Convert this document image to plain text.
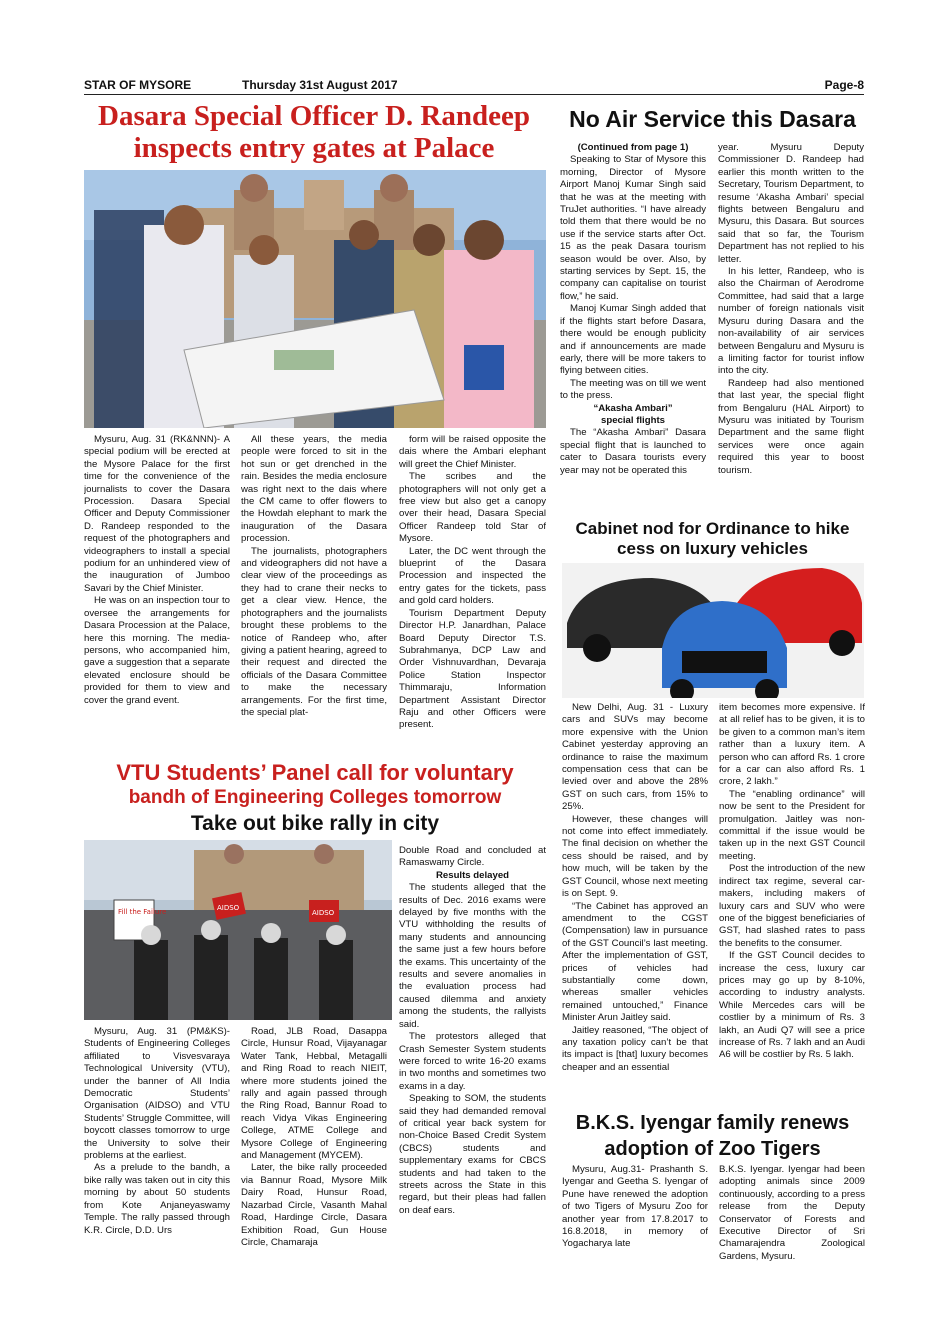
STAR OF MYSORE	Thursday 31st August 2017	Page-8
Dasara Special Officer D. Randeep
inspects entry gates at Palace

Mysuru, Aug. 31 (RK&NNN)- A special podium will be erected at the Mysore Palace for the first time for the convenience of the journalists to cover the Dasara Procession. Dasara Special Officer and Deputy Commissioner D. Randeep responded to the request of the photographers and videographers to install a special podium for an unhindered view of the inauguration of Jumboo Savari by the Chief Minister.

He was on an inspection tour to oversee the arrangements for Dasara Procession at the Palace, here this morning. The media-persons, who accompanied him, gave a suggestion that a separate elevated enclosure should be provided for them to view and cover the grand event.

All these years, the media people were forced to sit in the hot sun or get drenched in the rain. Besides the media enclosure was right next to the dais where the CM came to offer flowers to the Howdah elephant to mark the inauguration of the Dasara procession.

The journalists, photographers and videographers did not have a clear view of the proceedings as they had to crane their necks to get a clear view. Hence, the photographers and the journalists brought these problems to the notice of Randeep who, after giving a patient hearing, agreed to their request and directed the officials of the Dasara Committee to make the necessary arrangements. For the first time, the special plat-

form will be raised opposite the dais where the Ambari elephant will greet the Chief Minister.

The scribes and the photographers will not only get a free view but also get a canopy over their head, Dasara Special Officer Randeep told Star of Mysore.

Later, the DC went through the blueprint of the Dasara Procession and inspected the entry gates for the tickets, pass and gold card holders.

Tourism Department Deputy Director H.P. Janardhan, Palace Board Deputy Director T.S. Subrahmanya, DCP Law and Order Vishnuvardhan, Devaraja Police Station Inspector Thimmaraju, Information Department Assistant Director Raju and other Officers were present.

VTU Students’ Panel call for voluntary
bandh of Engineering Colleges tomorrow
Take out bike rally in city
Fill the Failure	AIDSO
AIDSO

Mysuru, Aug. 31 (PM&KS)- Students of Engineering Colleges affiliated to Visvesvaraya Technological University (VTU), under the banner of All India Democratic Students’ Organisation (AIDSO) and VTU Students’ Struggle Committee, will boycott classes tomorrow to urge the University to solve their problems at the earliest.

As a prelude to the bandh, a bike rally was taken out in city this morning by about 50 students from Kote Anjaneyaswamy Temple. The rally passed through K.R. Circle, D.D. Urs

Road, JLB Road, Dasappa Circle, Hunsur Road, Vijayanagar Water Tank, Hebbal, Metagalli and Ring Road to reach NIEIT, where more students joined the rally and again passed through the Ring Road, Bannur Road to reach Vidya Vikas Engineering College, ATME College and Mysore College of Engineering and Management (MYCEM).

Later, the bike rally proceeded via Bannur Road, Mysore Milk Dairy Road, Hunsur Road, Nazarbad Circle, Vasanth Mahal Road, Hardinge Circle, Dasara Exhibition Road, Gun House Circle, Chamaraja

Double Road and concluded at Ramaswamy Circle.

Results delayed

The students alleged that the results of Dec. 2016 exams were delayed by five months with the VTU withholding the results of many students and announcing the same just a few hours before the exams. This uncertainty of the results and severe anomalies in the evaluation process had caused dilemma and anxiety among the students, the rallyists said.

The protestors alleged that Crash Semester System students were forced to write 16-20 exams in two months and sometimes two exams in a day.

Speaking to SOM, the students said they had demanded removal of critical year back system for non-Choice Based Credit System (CBCS) students and supplementary exams for CBCS students and had taken to the streets across the State in this regard, but their pleas had fallen on deaf ears.

No Air Service this Dasara

(Continued from page 1)

Speaking to Star of Mysore this morning, Director of Mysore Airport Manoj Kumar Singh said that he was at the meeting with TruJet authorities. “I have already told them that there would be no use if the service starts after Oct. 15 as the peak Dasara tourism season would be over. Also, by starting services by Sept. 15, the company can capitalise on tourist flow,” he said.

Manoj Kumar Singh added that if the flights start before Dasara, there would be enough publicity and if announcements are made early, there will be more takers to flying between cities.

The meeting was on till we went to the press.

“Akasha Ambari”

special flights

The “Akasha Ambari” Dasara special flight that is launched to cater to Dasara tourists every year may not be operated this

year. Mysuru Deputy Commissioner D. Randeep had earlier this month written to the Secretary, Tourism Department, to resume ‘Akasha Ambari’ special flights between Bengaluru and Mysuru, this Dasara. But sources said that so far, the Tourism Department has not replied to his letter.

In his letter, Randeep, who is also the Chairman of Aerodrome Committee, had said that a large number of foreign nationals visit Mysuru during Dasara and the non-availability of air services between Bengaluru and Mysuru is a limiting factor for tourist inflow into the city.

Randeep had also mentioned that last year, the special flight from Bengaluru (HAL Airport) to Mysuru was initiated by Tourism Department and the same flight services were once again required this year to boost tourism.

Cabinet nod for Ordinance to hike
cess on luxury vehicles

New Delhi, Aug. 31 - Luxury cars and SUVs may become more expensive with the Union Cabinet yesterday approving an ordinance to raise the maximum compensation cess that can be levied over and above the 28% GST on such cars, from 15% to 25%.

However, these changes will not come into effect immediately. The final decision on whether the cess should be raised, and by how much, will be taken by the GST Council, whose next meeting is on Sept. 9.

“The Cabinet has approved an amendment to the CGST (Compensation) law in pursuance of the GST Council’s last meeting. After the implementation of GST, prices of vehicles had substantially come down, whereas smaller vehicles remained untouched,” Finance Minister Arun Jaitley said.

Jaitley reasoned, “The object of any taxation policy can’t be that its impact is [that] luxury becomes cheaper and an essential

item becomes more expensive. If at all relief has to be given, it is to be given to a common man’s item rather than a luxury item. A person who can afford Rs. 1 crore for a car can also afford Rs. 1 crore, 2 lakh.”

The “enabling ordinance” will now be sent to the President for promulgation. Jaitley was non-committal if the issue would be taken up in the next GST Council meeting.

Post the introduction of the new indirect tax regime, several car-makers, including makers of luxury cars and SUV who were one of the biggest beneficiaries of GST, had slashed rates to pass the benefits to the consumer.

If the GST Council decides to increase the cess, luxury car prices may go up by 8-10%, according to industry analysts. While Mercedes cars will be costlier by a minimum of Rs. 3 lakh, an Audi Q7 will see a price increase of Rs. 7 lakh and an Audi A6 will be costlier by Rs. 5 lakh.

B.K.S. Iyengar family renews
adoption of Zoo Tigers

Mysuru, Aug.31- Prashanth S. Iyengar and Geetha S. Iyengar of Pune have renewed the adoption of two Tigers of Mysuru Zoo for another year from 17.8.2017 to 16.8.2018, in memory of Yogacharya late

B.K.S. Iyengar. Iyengar had been adopting animals since 2009 continuously, according to a press release from the Deputy Conservator of Forests and Executive Director of Sri Chamarajendra Zoological Gardens, Mysuru.
